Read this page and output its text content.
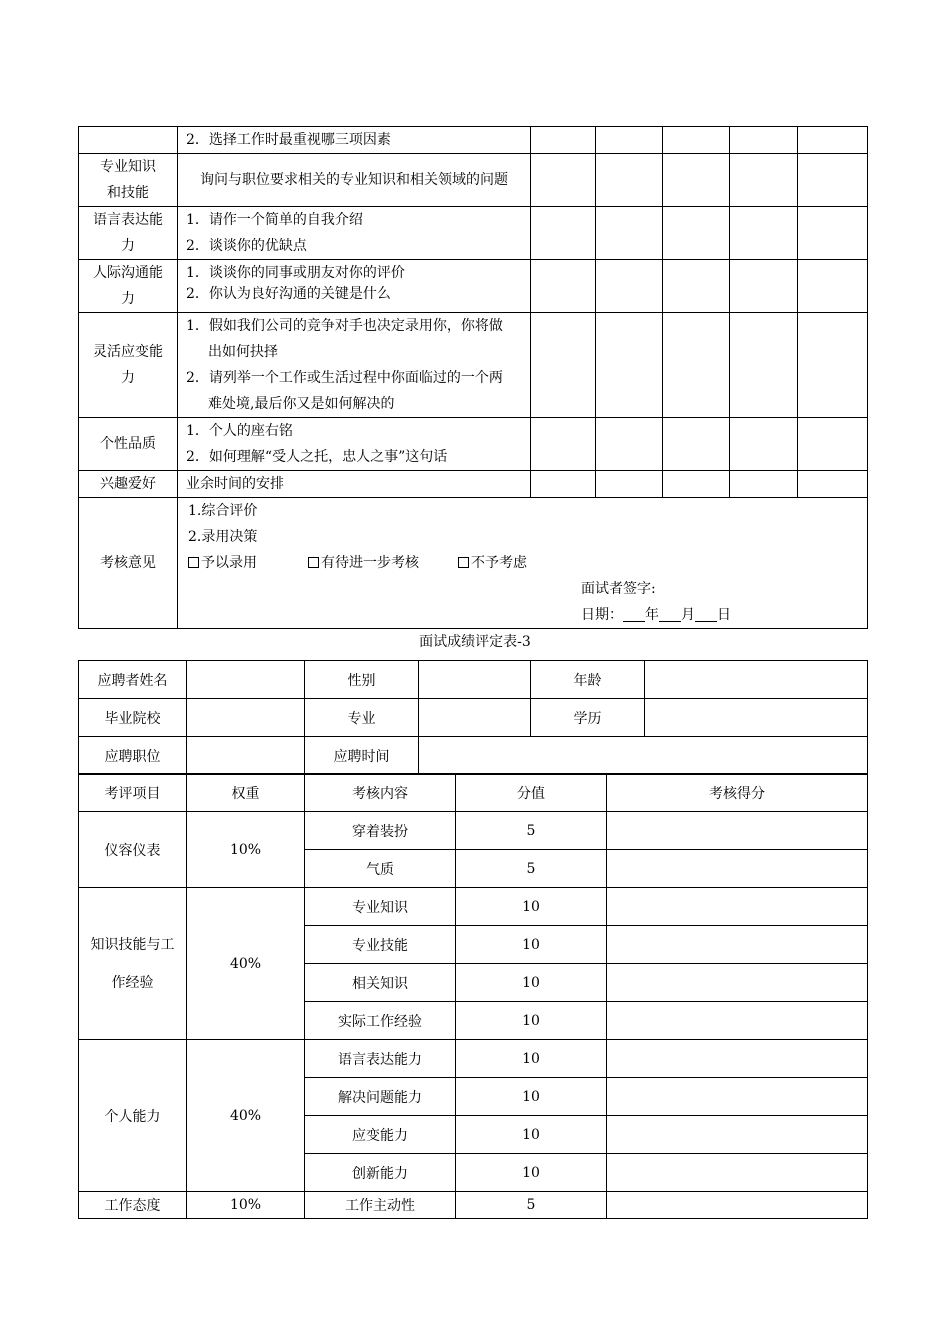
	2．选择工作时最重视哪三项因素					

专业知识
和技能	询问与职位要求相关的专业知识和相关领域的问题					

语言表达能
力	1．请作一个简单的自我介绍
2．谈谈你的优缺点					

人际沟通能
力	1．谈谈你的同事或朋友对你的评价
2．你认为良好沟通的关键是什么					

灵活应变能
力	1．假如我们公司的竞争对手也决定录用你，你将做
出如何抉择
2．请列举一个工作或生活过程中你面临过的一个两
难处境,最后你又是如何解决的					

个性品质	1．个人的座右铭
2．如何理解“受人之托，忠人之事”这句话					

兴趣爱好	业余时间的安排					

考核意见	1.综合评价
2.录用决策
予以录用 有待进一步考核 不予考虑
面试者签字:
日期： 年 月 日					
面试成绩评定表-3
应聘者姓名		性别		年龄	
毕业院校		专业		学历	
应聘职位		应聘时间			
考评项目	权重	考核内容	分值	考核得分
仪容仪表	10%	穿着装扮	5	
		气质	5	

知识技能与工
作经验	40%	专业知识	10	
		专业技能	10	
		相关知识	10	
		实际工作经验	10	
个人能力	40%	语言表达能力	10	
		解决问题能力	10	
		应变能力	10	
		创新能力	10	
工作态度	10%	工作主动性	5	
